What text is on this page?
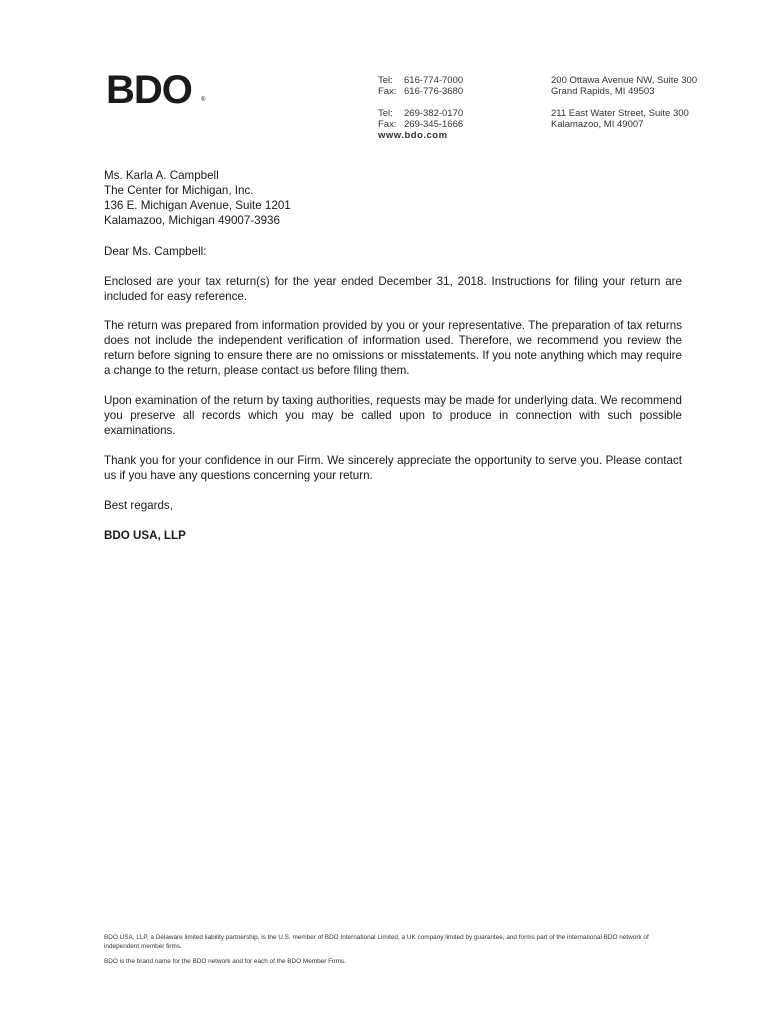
BDO ®
Tel: 616-774-7000
Fax: 616-776-3680
Tel: 269-382-0170
Fax: 269-345-1666
www.bdo.com
200 Ottawa Avenue NW, Suite 300
Grand Rapids, MI 49503
211 East Water Street, Suite 300
Kalamazoo, MI 49007
Ms. Karla A. Campbell
The Center for Michigan, Inc.
136 E. Michigan Avenue, Suite 1201
Kalamazoo, Michigan 49007-3936
Dear Ms. Campbell:

Enclosed are your tax return(s) for the year ended December 31, 2018. Instructions for filing your return are included for easy reference.

The return was prepared from information provided by you or your representative. The preparation of tax returns does not include the independent verification of information used. Therefore, we recommend you review the return before signing to ensure there are no omissions or misstatements. If you note anything which may require a change to the return, please contact us before filing them.

Upon examination of the return by taxing authorities, requests may be made for underlying data. We recommend you preserve all records which you may be called upon to produce in connection with such possible examinations.

Thank you for your confidence in our Firm. We sincerely appreciate the opportunity to serve you. Please contact us if you have any questions concerning your return.

Best regards,
BDO USA, LLP
BDO USA, LLP, a Delaware limited liability partnership, is the U.S. member of BDO International Limited, a UK company limited by guarantee, and forms part of the international BDO network of independent member firms.
BDO is the brand name for the BDO network and for each of the BDO Member Firms.
